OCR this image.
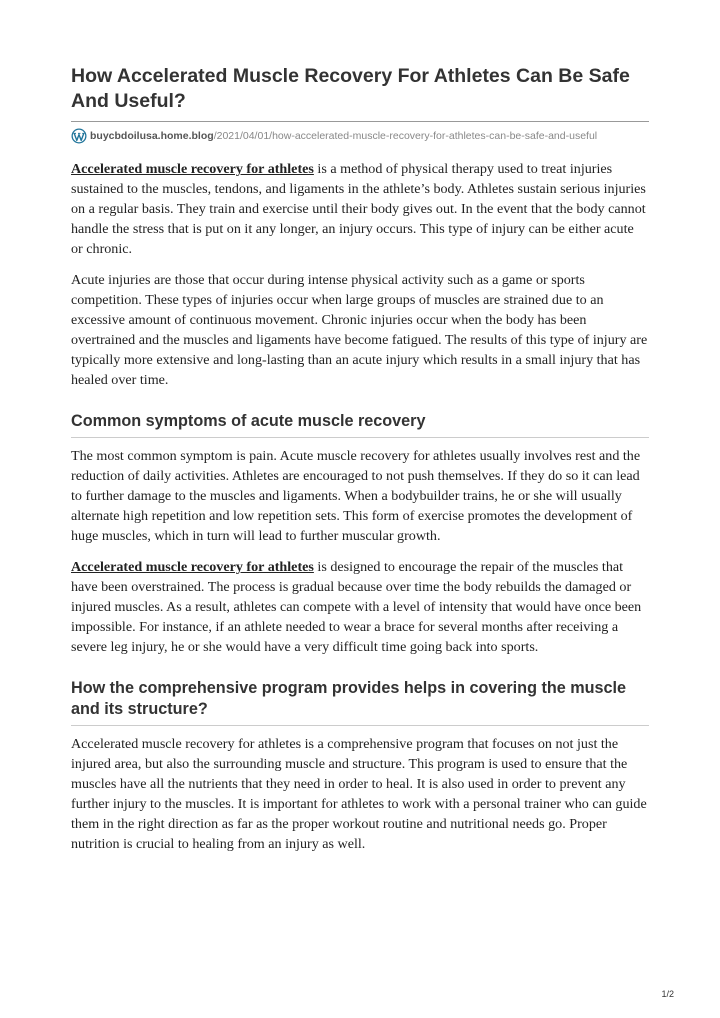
How Accelerated Muscle Recovery For Athletes Can Be Safe And Useful?
buycbdoilusa.home.blog /2021/04/01/how-accelerated-muscle-recovery-for-athletes-can-be-safe-and-useful

Accelerated muscle recovery for athletes is a method of physical therapy used to treat injuries sustained to the muscles, tendons, and ligaments in the athlete’s body. Athletes sustain serious injuries on a regular basis. They train and exercise until their body gives out. In the event that the body cannot handle the stress that is put on it any longer, an injury occurs. This type of injury can be either acute or chronic.

Acute injuries are those that occur during intense physical activity such as a game or sports competition. These types of injuries occur when large groups of muscles are strained due to an excessive amount of continuous movement. Chronic injuries occur when the body has been overtrained and the muscles and ligaments have become fatigued. The results of this type of injury are typically more extensive and long-lasting than an acute injury which results in a small injury that has healed over time.

Common symptoms of acute muscle recovery

The most common symptom is pain. Acute muscle recovery for athletes usually involves rest and the reduction of daily activities. Athletes are encouraged to not push themselves. If they do so it can lead to further damage to the muscles and ligaments. When a bodybuilder trains, he or she will usually alternate high repetition and low repetition sets. This form of exercise promotes the development of huge muscles, which in turn will lead to further muscular growth.

Accelerated muscle recovery for athletes is designed to encourage the repair of the muscles that have been overstrained. The process is gradual because over time the body rebuilds the damaged or injured muscles. As a result, athletes can compete with a level of intensity that would have once been impossible. For instance, if an athlete needed to wear a brace for several months after receiving a severe leg injury, he or she would have a very difficult time going back into sports.

How the comprehensive program provides helps in covering the muscle and its structure?

Accelerated muscle recovery for athletes is a comprehensive program that focuses on not just the injured area, but also the surrounding muscle and structure. This program is used to ensure that the muscles have all the nutrients that they need in order to heal. It is also used in order to prevent any further injury to the muscles. It is important for athletes to work with a personal trainer who can guide them in the right direction as far as the proper workout routine and nutritional needs go. Proper nutrition is crucial to healing from an injury as well.

1/2
